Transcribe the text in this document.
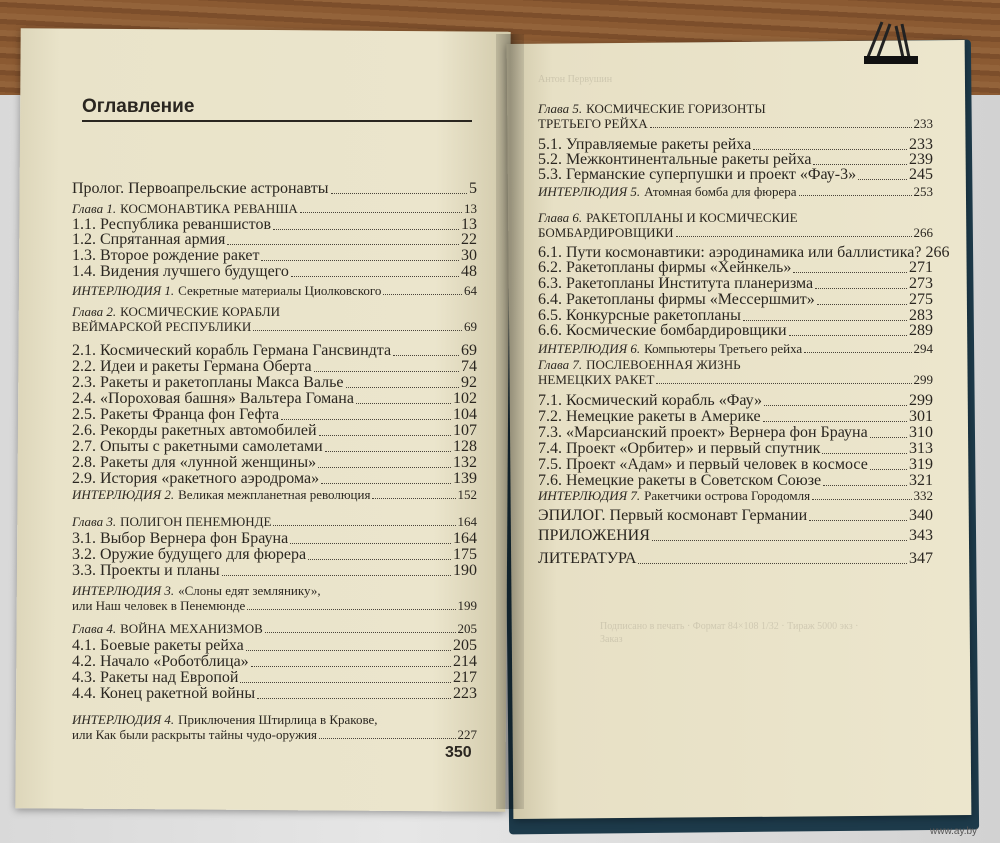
Антон Первушин
Подписано в печать · Формат 84×108 1/32 · Тираж 5000 экз · Заказ
Оглавление
Пролог. Первоапрельские астронавты	5
Глава 1. КОСМОНАВТИКА РЕВАНША	13
1.1. Республика реваншистов	13
1.2. Спрятанная армия	22
1.3. Второе рождение ракет	30
1.4. Видения лучшего будущего	48
ИНТЕРЛЮДИЯ 1. Секретные материалы Циолковского	64
Глава 2. КОСМИЧЕСКИЕ КОРАБЛИ
ВЕЙМАРСКОЙ РЕСПУБЛИКИ	69
2.1. Космический корабль Германа Гансвиндта	69
2.2. Идеи и ракеты Германа Оберта	74
2.3. Ракеты и ракетопланы Макса Валье	92
2.4. «Пороховая башня» Вальтера Гомана	102
2.5. Ракеты Франца фон Гефта	104
2.6. Рекорды ракетных автомобилей	107
2.7. Опыты с ракетными самолетами	128
2.8. Ракеты для «лунной женщины»	132
2.9. История «ракетного аэродрома»	139
ИНТЕРЛЮДИЯ 2. Великая межпланетная революция	152
Глава 3. ПОЛИГОН ПЕНЕМЮНДЕ	164
3.1. Выбор Вернера фон Брауна	164
3.2. Оружие будущего для фюрера	175
3.3. Проекты и планы	190
ИНТЕРЛЮДИЯ 3. «Слоны едят землянику»,
или Наш человек в Пенемюнде	199
Глава 4. ВОЙНА МЕХАНИЗМОВ	205
4.1. Боевые ракеты рейха	205
4.2. Начало «Роботблица»	214
4.3. Ракеты над Европой	217
4.4. Конец ракетной войны	223
ИНТЕРЛЮДИЯ 4. Приключения Штирлица в Кракове,
или Как были раскрыты тайны чудо-оружия	227
Глава 5. КОСМИЧЕСКИЕ ГОРИЗОНТЫ
ТРЕТЬЕГО РЕЙХА	233
5.1. Управляемые ракеты рейха	233
5.2. Межконтинентальные ракеты рейха	239
5.3. Германские суперпушки и проект «Фау-3»	245
ИНТЕРЛЮДИЯ 5. Атомная бомба для фюрера	253
Глава 6. РАКЕТОПЛАНЫ И КОСМИЧЕСКИЕ
БОМБАРДИРОВЩИКИ	266
6.1. Пути космонавтики: аэродинамика или баллистика? 266
6.2. Ракетопланы фирмы «Хейнкель»	271
6.3. Ракетопланы Института планеризма	273
6.4. Ракетопланы фирмы «Мессершмит»	275
6.5. Конкурсные ракетопланы	283
6.6. Космические бомбардировщики	289
ИНТЕРЛЮДИЯ 6. Компьютеры Третьего рейха	294
Глава 7. ПОСЛЕВОЕННАЯ ЖИЗНЬ
НЕМЕЦКИХ РАКЕТ	299
7.1. Космический корабль «Фау»	299
7.2. Немецкие ракеты в Америке	301
7.3. «Марсианский проект» Вернера фон Брауна	310
7.4. Проект «Орбитер» и первый спутник	313
7.5. Проект «Адам» и первый человек в космосе	319
7.6. Немецкие ракеты в Советском Союзе	321
ИНТЕРЛЮДИЯ 7. Ракетчики острова Городомля	332
ЭПИЛОГ. Первый космонавт Германии	340
ПРИЛОЖЕНИЯ	343
ЛИТЕРАТУРА	347
350
www.ay.by
